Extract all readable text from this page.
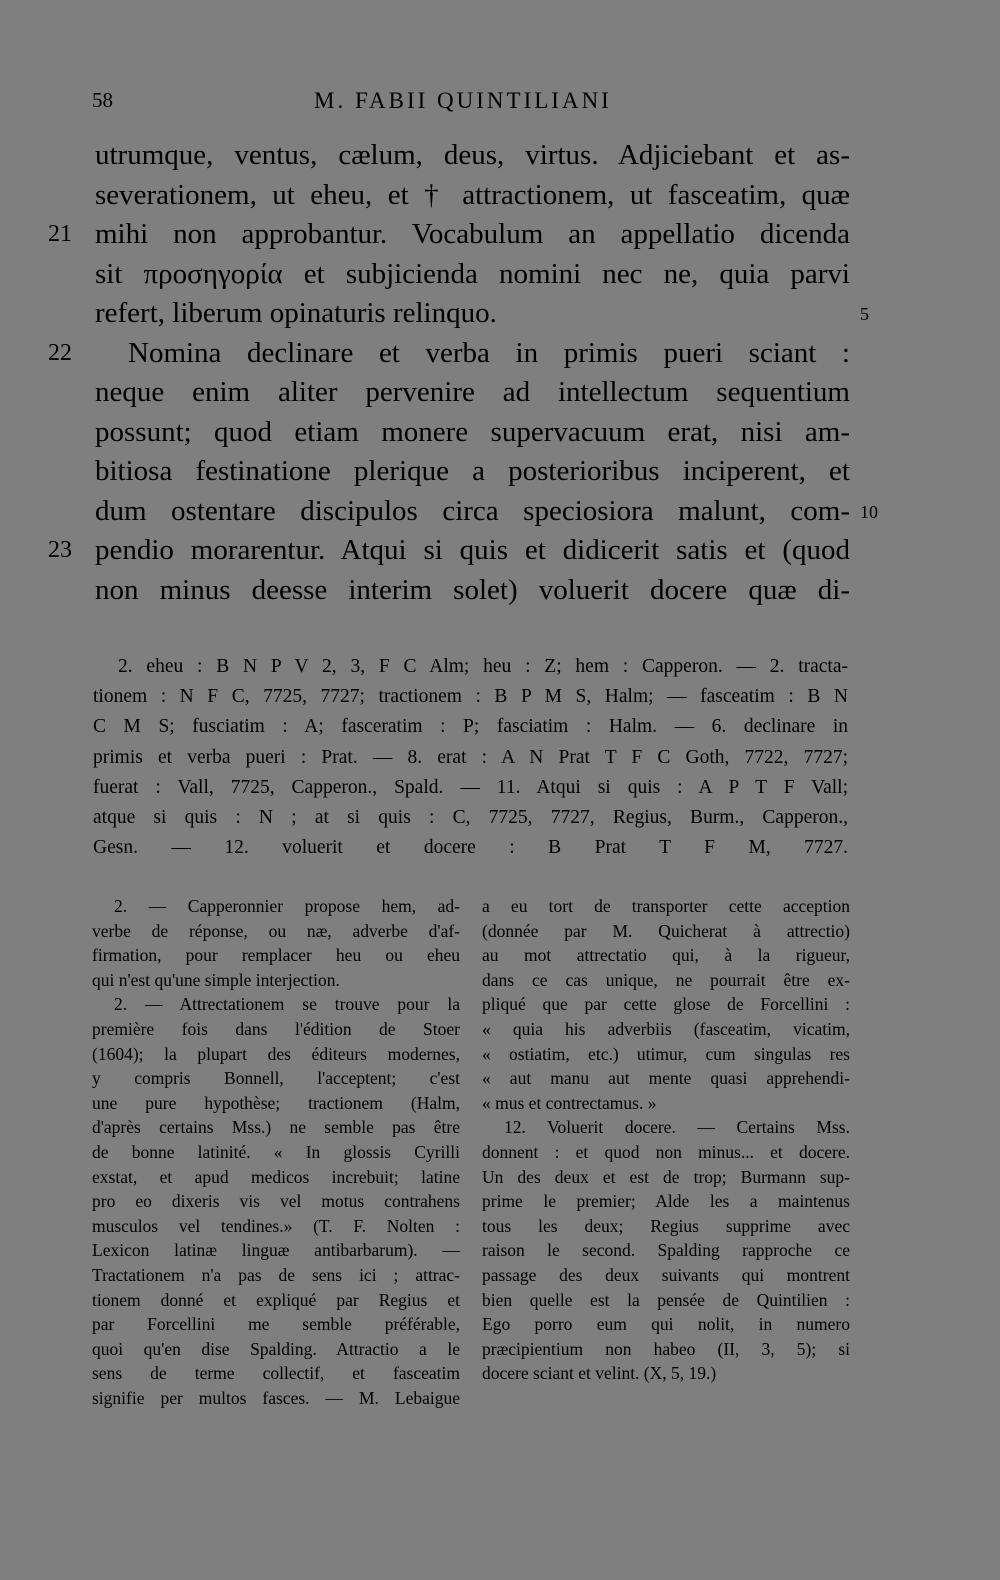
58	M. FABII QUINTILIANI
utrumque, ventus, cælum, deus, virtus. Adjiciebant et as-
severationem, ut eheu, et † attractionem, ut fasceatim, quæ
mihi non approbantur. Vocabulum an appellatio dicenda
21
sit προσηγορία et subjicienda nomini nec ne, quia parvi
refert, liberum opinaturis relinquo.	5
Nomina declinare et verba in primis pueri sciant :
22
neque enim aliter pervenire ad intellectum sequentium
possunt; quod etiam monere supervacuum erat, nisi am-
bitiosa festinatione plerique a posterioribus inciperent, et
dum ostentare discipulos circa speciosiora malunt, com- 10
pendio morarentur. Atqui si quis et didicerit satis et (quod
23
non minus deesse interim solet) voluerit docere quæ di-
2. eheu : B N P V 2, 3, F C Alm; heu : Z; hem : Capperon. — 2. tracta-
tionem : N F C, 7725, 7727; tractionem : B P M S, Halm; — fasceatim : B N
C M S; fusciatim : A; fasceratim : P; fasciatim : Halm. — 6. declinare in
primis et verba pueri : Prat. — 8. erat : A N Prat T F C Goth, 7722, 7727;
fuerat : Vall, 7725, Capperon., Spald. — 11. Atqui si quis : A P T F Vall;
atque si quis : N ; at si quis : C, 7725, 7727, Regius, Burm., Capperon.,
Gesn. — 12. voluerit et docere : B Prat T F M, 7727.
2. — Capperonnier propose hem, ad-
verbe de réponse, ou næ, adverbe d'af-
firmation, pour remplacer heu ou eheu
qui n'est qu'une simple interjection.
2. — Attrectationem se trouve pour la
première fois dans l'édition de Stoer
(1604); la plupart des éditeurs modernes,
y compris Bonnell, l'acceptent; c'est
une pure hypothèse; tractionem (Halm,
d'après certains Mss.) ne semble pas être
de bonne latinité. « In glossis Cyrilli
exstat, et apud medicos increbuit; latine
pro eo dixeris vis vel motus contrahens
musculos vel tendines.» (T. F. Nolten :
Lexicon latinæ linguæ antibarbarum). —
Tractationem n'a pas de sens ici ; attrac-
tionem donné et expliqué par Regius et
par Forcellini me semble préférable,
quoi qu'en dise Spalding. Attractio a le
sens de terme collectif, et fasceatim
signifie per multos fasces. — M. Lebaigue
a eu tort de transporter cette acception
(donnée par M. Quicherat à attrectio)
au mot attrectatio qui, à la rigueur,
dans ce cas unique, ne pourrait être ex-
pliqué que par cette glose de Forcellini :
« quia his adverbiis (fasceatim, vicatim,
« ostiatim, etc.) utimur, cum singulas res
« aut manu aut mente quasi apprehendi-
« mus et contrectamus. »
12. Voluerit docere. — Certains Mss.
donnent : et quod non minus... et docere.
Un des deux et est de trop; Burmann sup-
prime le premier; Alde les a maintenus
tous les deux; Regius supprime avec
raison le second. Spalding rapproche ce
passage des deux suivants qui montrent
bien quelle est la pensée de Quintilien :
Ego porro eum qui nolit, in numero
præcipientium non habeo (II, 3, 5); si
docere sciant et velint. (X, 5, 19.)
